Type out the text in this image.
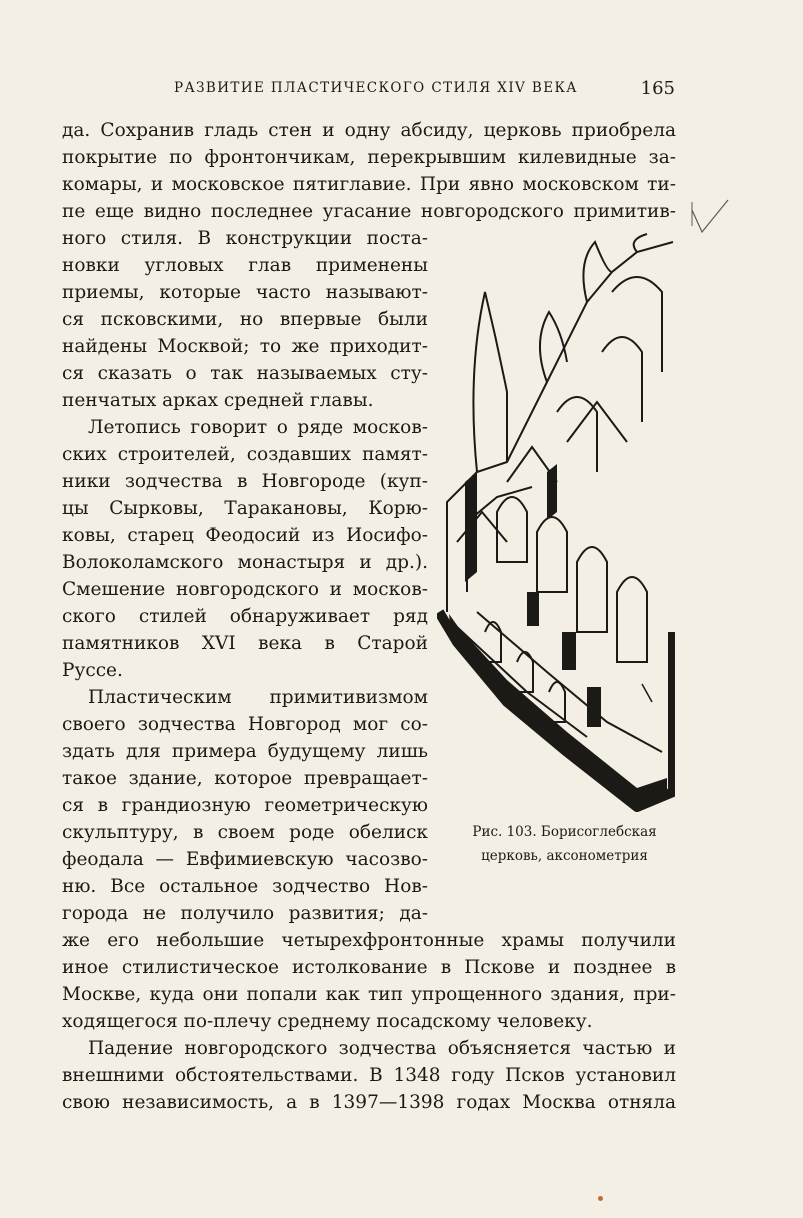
РАЗВИТИЕ ПЛАСТИЧЕСКОГО СТИЛЯ XIV ВЕКА	165
да. Сохранив гладь стен и одну абсиду, церковь приобрела
покрытие по фронтончикам, перекрывшим килевидные за-
комары, и московское пятиглавие. При явно московском ти-
пе еще видно последнее угасание новгородского примитив-
ного стиля. В конструкции поста-
новки угловых глав применены
приемы, которые часто называют-
ся псковскими, но впервые были
найдены Москвой; то же приходит-
ся сказать о так называемых сту-
пенчатых арках средней главы.
Летопись говорит о ряде москов-
ских строителей, создавших памят-
ники зодчества в Новгороде (куп-
цы Сырковы, Таракановы, Корю-
ковы, старец Феодосий из Иосифо-
Волоколамского монастыря и др.).
Смешение новгородского и москов-
ского стилей обнаруживает ряд
памятников XVI века в Старой
Руссе.
Пластическим примитивизмом
своего зодчества Новгород мог со-
здать для примера будущему лишь
такое здание, которое превращает-
ся в грандиозную геометрическую
скульптуру, в своем роде обелиск
феодала — Евфимиевскую часозво-
ню. Все остальное зодчество Нов-
города не получило развития; да-
же его небольшие четырехфронтонные храмы получили
иное стилистическое истолкование в Пскове и позднее в
Москве, куда они попали как тип упрощенного здания, при-
ходящегося по-плечу среднему посадскому человеку.
Падение новгородского зодчества объясняется частью и
внешними обстоятельствами. В 1348 году Псков установил
свою независимость, а в 1397—1398 годах Москва отняла
Рис. 103. Борисоглебская
церковь, аксонометрия
